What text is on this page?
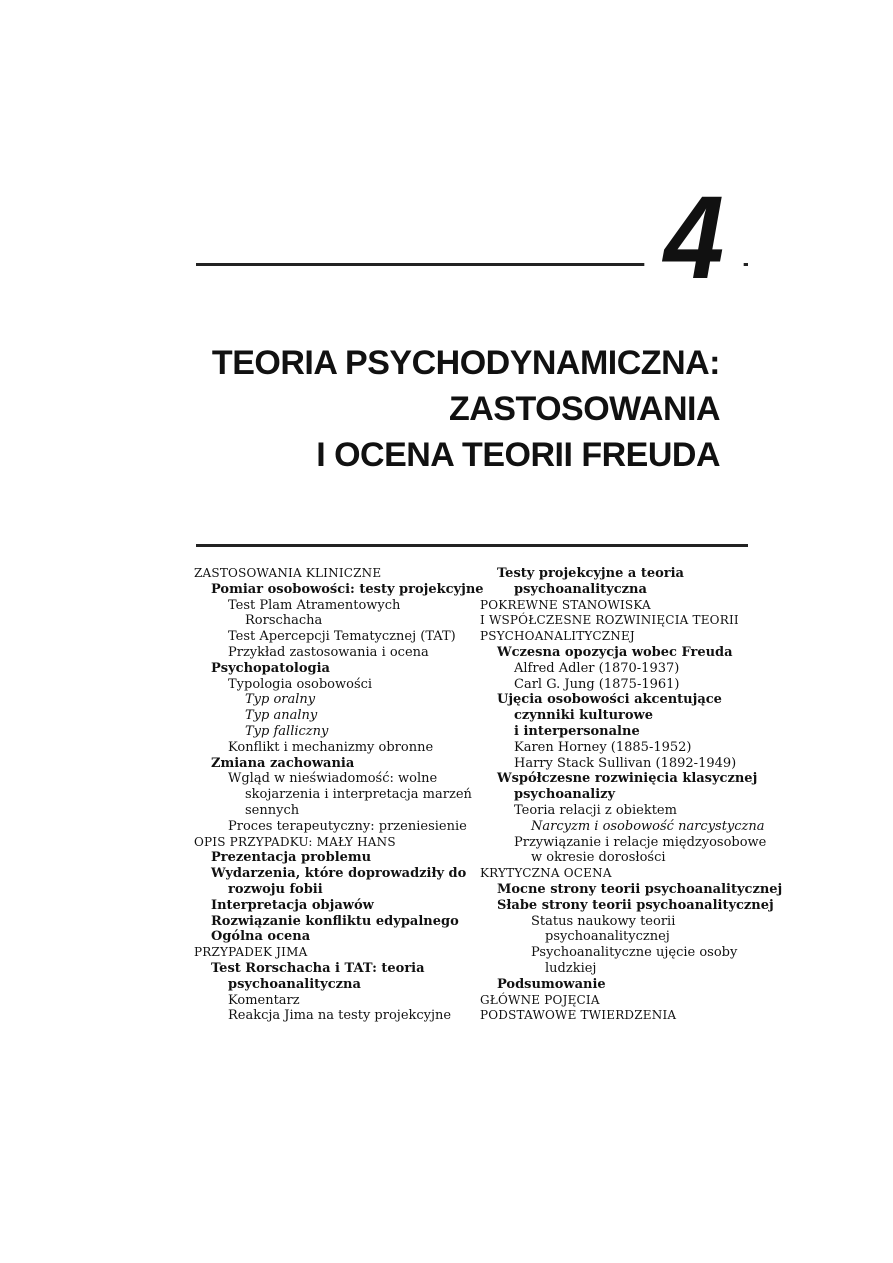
4
TEORIA PSYCHODYNAMICZNA:
ZASTOSOWANIA
I OCENA TEORII FREUDA
ZASTOSOWANIA KLINICZNE
Pomiar osobowości: testy projekcyjne
Test Plam Atramentowych
Rorschacha
Test Apercepcji Tematycznej (TAT)
Przykład zastosowania i ocena
Psychopatologia
Typologia osobowości
Typ oralny
Typ analny
Typ falliczny
Konflikt i mechanizmy obronne
Zmiana zachowania
Wgląd w nieświadomość: wolne
skojarzenia i interpretacja marzeń
sennych
Proces terapeutyczny: przeniesienie
OPIS PRZYPADKU: MAŁY HANS
Prezentacja problemu
Wydarzenia, które doprowadziły do
rozwoju fobii
Interpretacja objawów
Rozwiązanie konfliktu edypalnego
Ogólna ocena
PRZYPADEK JIMA
Test Rorschacha i TAT: teoria
psychoanalityczna
Komentarz
Reakcja Jima na testy projekcyjne
Testy projekcyjne a teoria
psychoanalityczna
POKREWNE STANOWISKA
I WSPÓŁCZESNE ROZWINIĘCIA TEORII
PSYCHOANALITYCZNEJ
Wczesna opozycja wobec Freuda
Alfred Adler (1870-1937)
Carl G. Jung (1875-1961)
Ujęcia osobowości akcentujące
czynniki kulturowe
i interpersonalne
Karen Horney (1885-1952)
Harry Stack Sullivan (1892-1949)
Współczesne rozwinięcia klasycznej
psychoanalizy
Teoria relacji z obiektem
Narcyzm i osobowość narcystyczna
Przywiązanie i relacje międzyosobowe
w okresie dorosłości
KRYTYCZNA OCENA
Mocne strony teorii psychoanalitycznej
Słabe strony teorii psychoanalitycznej
Status naukowy teorii
psychoanalitycznej
Psychoanalityczne ujęcie osoby
ludzkiej
Podsumowanie
GŁÓWNE POJĘCIA
PODSTAWOWE TWIERDZENIA
